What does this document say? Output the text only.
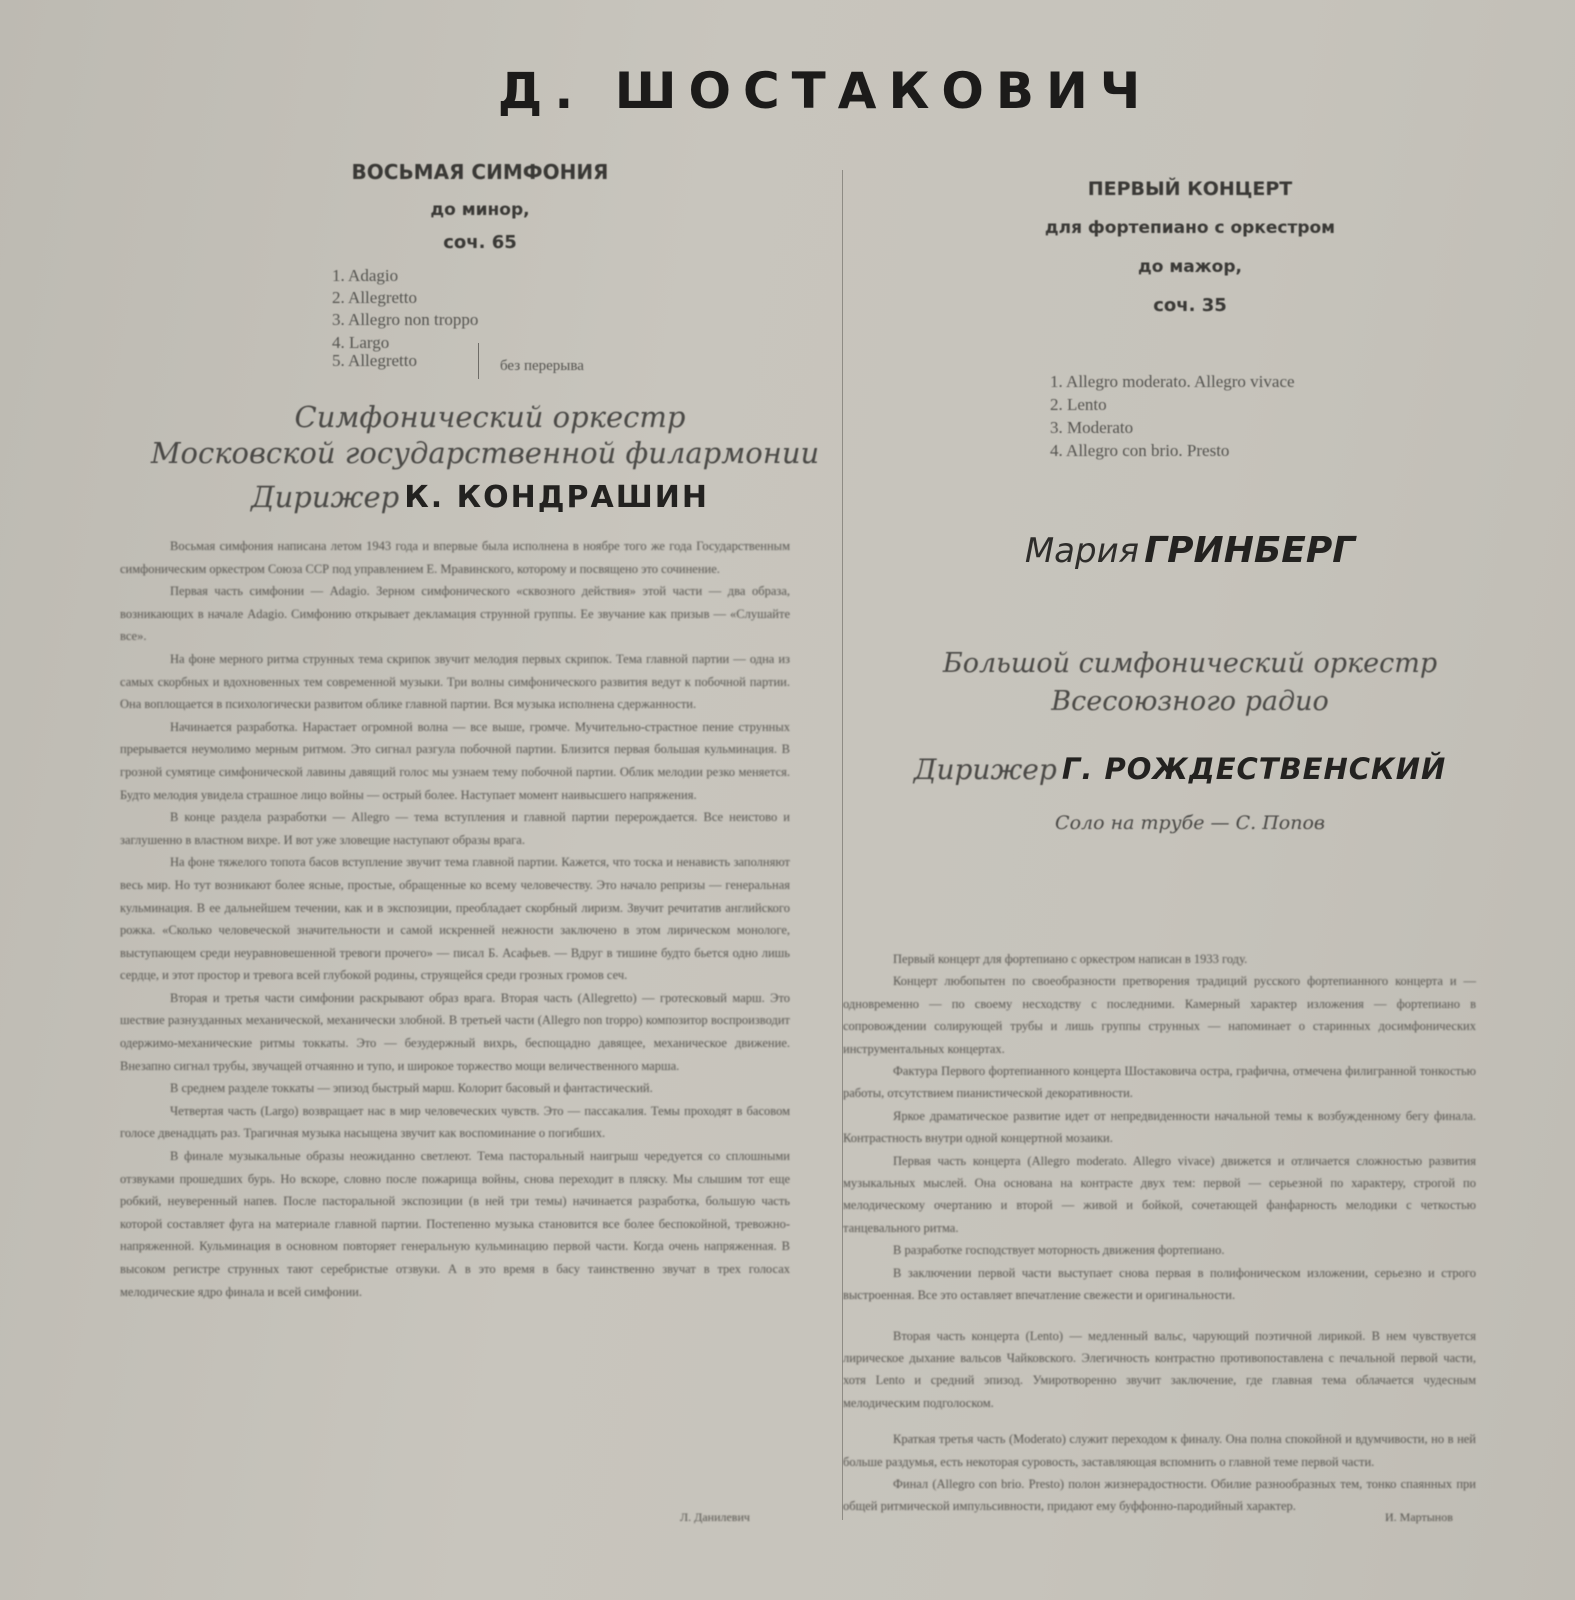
Д. ШОСТАКОВИЧ
ВОСЬМАЯ СИМФОНИЯ
до минор,
соч. 65
1. Adagio
2. Allegretto
3. Allegro non troppo
4. Largo
5. Allegretto	без перерыва
Симфонический оркестр
Московской государственной филармонии
Дирижер К. КОНДРАШИН

Восьмая симфония написана летом 1943 года и впервые была исполнена в ноябре того же года Государственным симфоническим оркестром Союза ССР под управлением Е. Мравинского, которому и посвящено это сочинение.

Первая часть симфонии — Adagio. Зерном симфонического «сквозного действия» этой части — два образа, возникающих в начале Adagio. Симфонию открывает декламация струнной группы. Ее звучание как призыв — «Слушайте все».

На фоне мерного ритма струнных тема скрипок звучит мелодия первых скрипок. Тема главной партии — одна из самых скорбных и вдохновенных тем современной музыки. Три волны симфонического развития ведут к побочной партии. Она воплощается в психологически развитом облике главной партии. Вся музыка исполнена сдержанности.

Начинается разработка. Нарастает огромной волна — все выше, громче. Мучительно-страстное пение струнных прерывается неумолимо мерным ритмом. Это сигнал разгула побочной партии. Близится первая большая кульминация. В грозной сумятице симфонической лавины давящий голос мы узнаем тему побочной партии. Облик мелодии резко меняется. Будто мелодия увидела страшное лицо войны — острый более. Наступает момент наивысшего напряжения.

В конце раздела разработки — Allegro — тема вступления и главной партии перерождается. Все неистово и заглушенно в властном вихре. И вот уже зловещие наступают образы врага.

На фоне тяжелого топота басов вступление звучит тема главной партии. Кажется, что тоска и ненависть заполняют весь мир. Но тут возникают более ясные, простые, обращенные ко всему человечеству. Это начало репризы — генеральная кульминация. В ее дальнейшем течении, как и в экспозиции, преобладает скорбный лиризм. Звучит речитатив английского рожка. «Сколько человеческой значительности и самой искренней нежности заключено в этом лирическом монологе, выступающем среди неуравновешенной тревоги прочего» — писал Б. Асафьев. — Вдруг в тишине будто бьется одно лишь сердце, и этот простор и тревога всей глубокой родины, струящейся среди грозных громов сеч.

Вторая и третья части симфонии раскрывают образ врага. Вторая часть (Allegretto) — гротесковый марш. Это шествие разнузданных механической, механически злобной. В третьей части (Allegro non troppo) композитор воспроизводит одержимо-механические ритмы токкаты. Это — безудержный вихрь, беспощадно давящее, механическое движение. Внезапно сигнал трубы, звучащей отчаянно и тупо, и широкое торжество мощи величественного марша.

В среднем разделе токкаты — эпизод быстрый марш. Колорит басовый и фантастический.

Четвертая часть (Largo) возвращает нас в мир человеческих чувств. Это — пассакалия. Темы проходят в басовом голосе двенадцать раз. Трагичная музыка насыщена звучит как воспоминание о погибших.

В финале музыкальные образы неожиданно светлеют. Тема пасторальный наигрыш чередуется со сплошными отзвуками прошедших бурь. Но вскоре, словно после пожарища войны, снова переходит в пляску. Мы слышим тот еще робкий, неуверенный напев. После пасторальной экспозиции (в ней три темы) начинается разработка, большую часть которой составляет фуга на материале главной партии. Постепенно музыка становится все более беспокойной, тревожно-напряженной. Кульминация в основном повторяет генеральную кульминацию первой части. Когда очень напряженная. В высоком регистре струнных тают серебристые отзвуки. А в это время в басу таинственно звучат в трех голосах мелодические ядро финала и всей симфонии.

Л. Данилевич
ПЕРВЫЙ КОНЦЕРТ
для фортепиано с оркестром
до мажор,
соч. 35
1. Allegro moderato. Allegro vivace
2. Lento
3. Moderato
4. Allegro con brio. Presto
Мария ГРИНБЕРГ
Большой симфонический оркестр
Всесоюзного радио
Дирижер Г. РОЖДЕСТВЕНСКИЙ
Соло на трубе — С. Попов

Первый концерт для фортепиано с оркестром написан в 1933 году.

Концерт любопытен по своеобразности претворения традиций русского фортепианного концерта и — одновременно — по своему несходству с последними. Камерный характер изложения — фортепиано в сопровождении солирующей трубы и лишь группы струнных — напоминает о старинных досимфонических инструментальных концертах.

Фактура Первого фортепианного концерта Шостаковича остра, графична, отмечена филигранной тонкостью работы, отсутствием пианистической декоративности.

Яркое драматическое развитие идет от непредвиденности начальной темы к возбужденному бегу финала. Контрастность внутри одной концертной мозаики.

Первая часть концерта (Allegro moderato. Allegro vivace) движется и отличается сложностью развития музыкальных мыслей. Она основана на контрасте двух тем: первой — серьезной по характеру, строгой по мелодическому очертанию и второй — живой и бойкой, сочетающей фанфарность мелодики с четкостью танцевального ритма.

В разработке господствует моторность движения фортепиано.

В заключении первой части выступает снова первая в полифоническом изложении, серьезно и строго выстроенная. Все это оставляет впечатление свежести и оригинальности.

Вторая часть концерта (Lento) — медленный вальс, чарующий поэтичной лирикой. В нем чувствуется лирическое дыхание вальсов Чайковского. Элегичность контрастно противопоставлена с печальной первой части, хотя Lento и средний эпизод. Умиротворенно звучит заключение, где главная тема облачается чудесным мелодическим подголоском.

Краткая третья часть (Moderato) служит переходом к финалу. Она полна спокойной и вдумчивости, но в ней больше раздумья, есть некоторая суровость, заставляющая вспомнить о главной теме первой части.

Финал (Allegro con brio. Presto) полон жизнерадостности. Обилие разнообразных тем, тонко спаянных при общей ритмической импульсивности, придают ему буффонно-пародийный характер.

И. Мартынов
